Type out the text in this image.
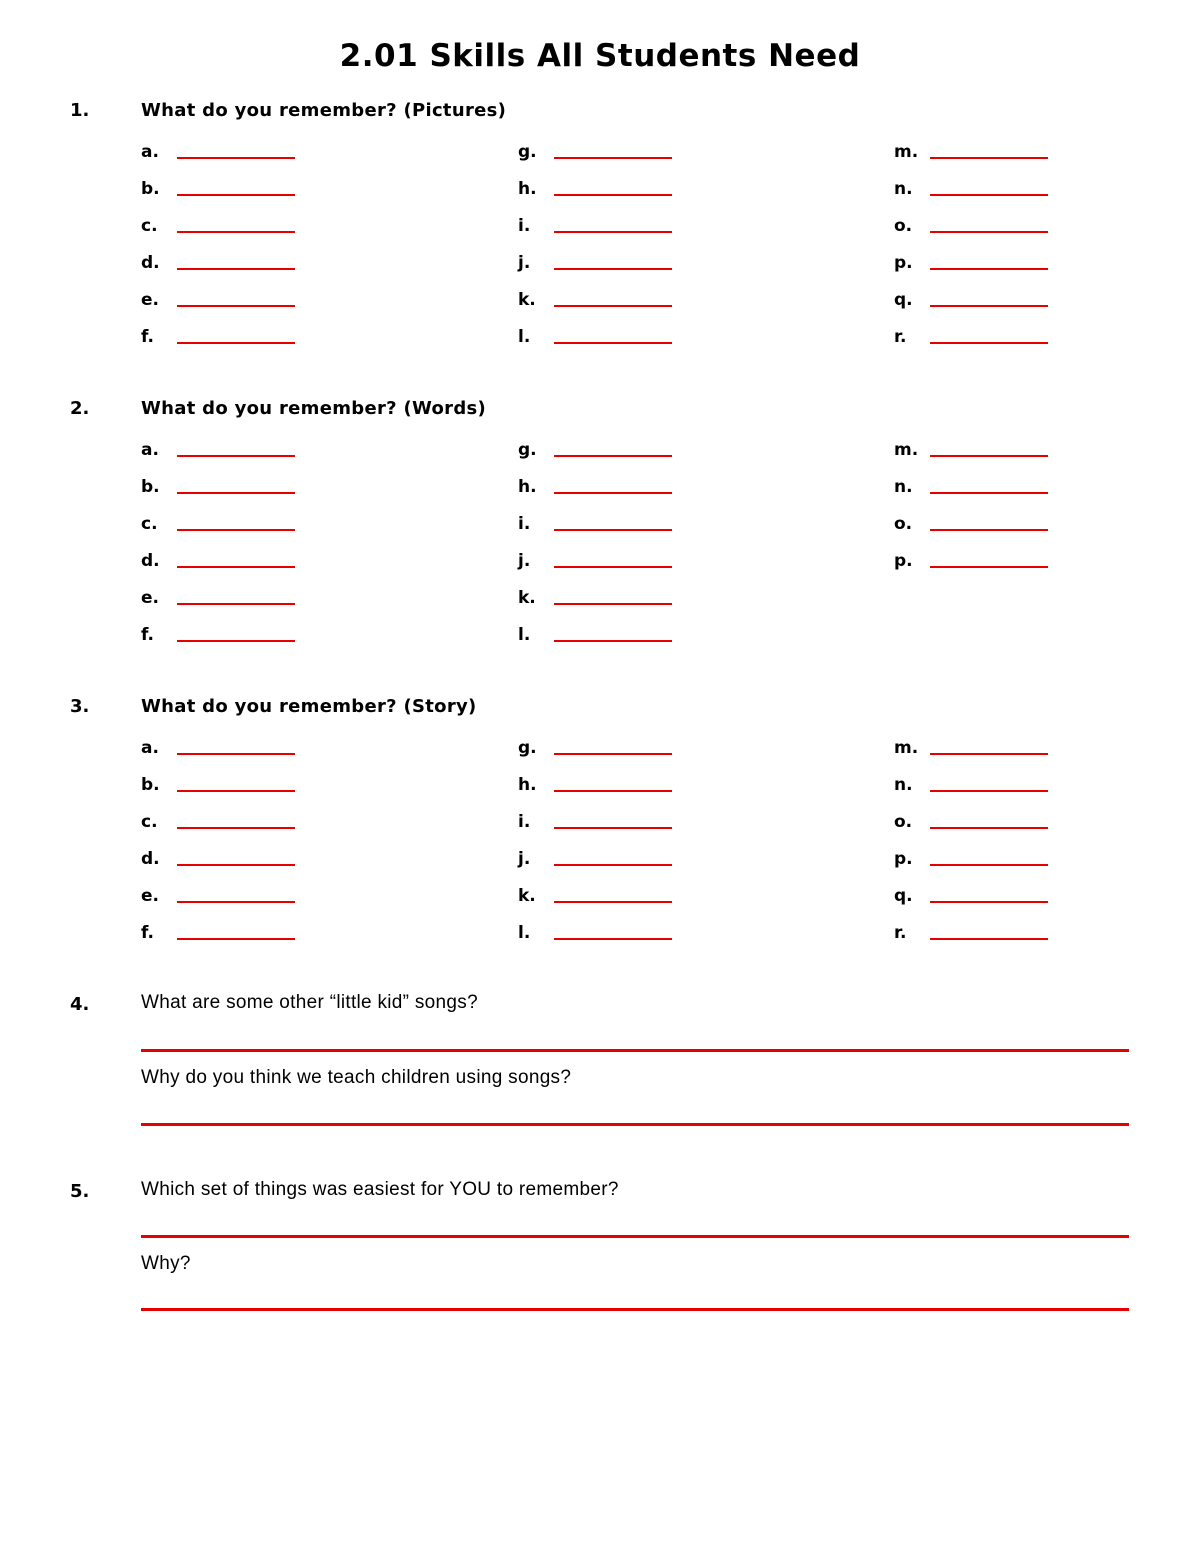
2.01 Skills All Students Need
1.	What do you remember? (Pictures)
a.
b.
c.
d.
e.
f.
g.
h.
i.
j.
k.
l.
m.
n.
o.
p.
q.
r.
2.	What do you remember? (Words)
a.
b.
c.
d.
e.
f.
g.
h.
i.
j.
k.
l.
m.
n.
o.
p.
3.	What do you remember? (Story)
a.
b.
c.
d.
e.
f.
g.
h.
i.
j.
k.
l.
m.
n.
o.
p.
q.
r.
4.	What are some other “little kid” songs?
Why do you think we teach children using songs?
5.	Which set of things was easiest for YOU to remember?
Why?
